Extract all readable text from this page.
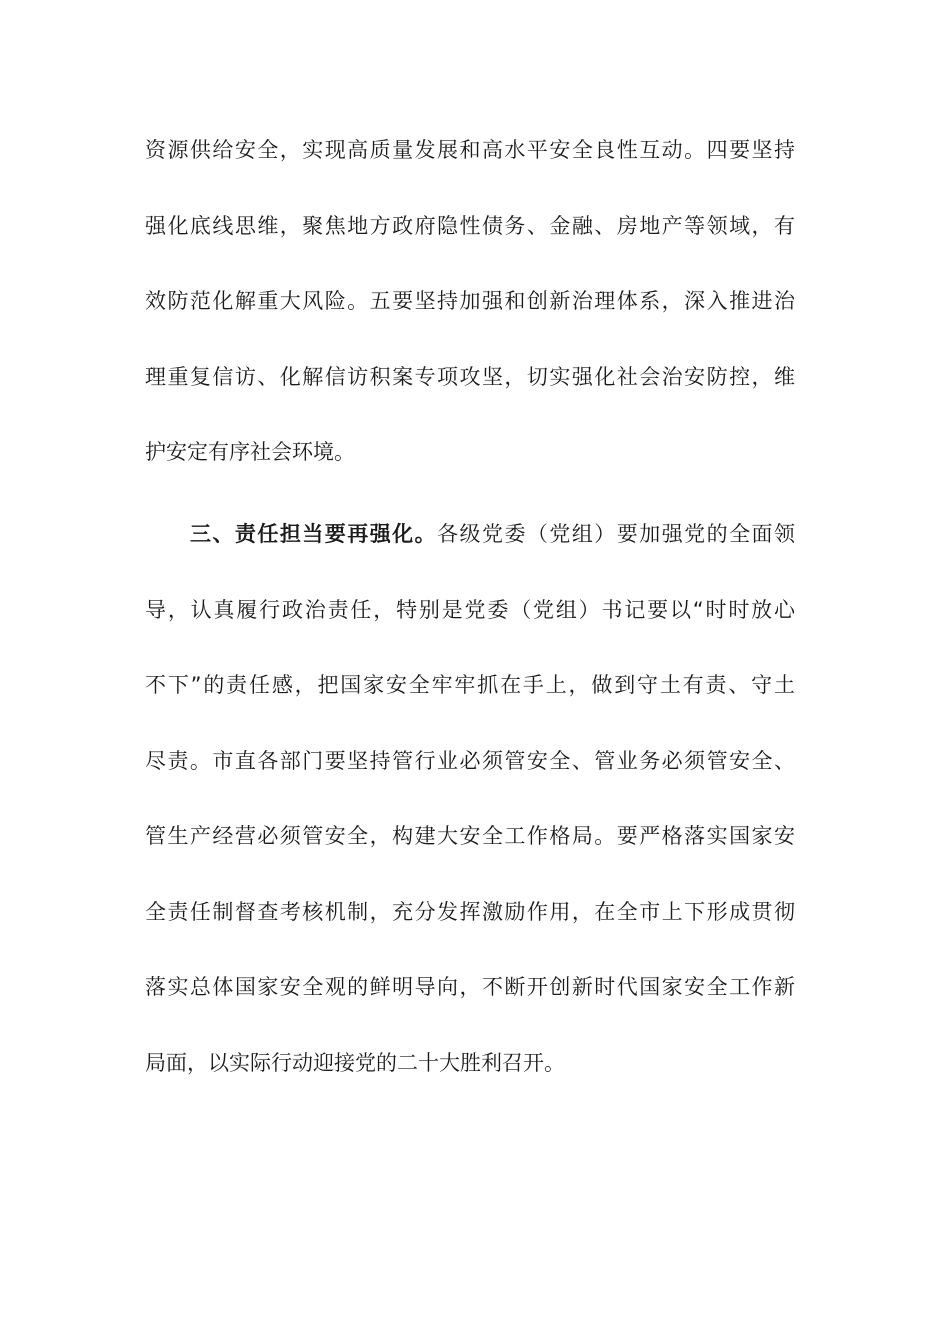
资源供给安全，实现高质量发展和高水平安全良性互动。四要坚持
强化底线思维，聚焦地方政府隐性债务、金融、房地产等领域，有
效防范化解重大风险。五要坚持加强和创新治理体系，深入推进治
理重复信访、化解信访积案专项攻坚，切实强化社会治安防控，维
护安定有序社会环境。
三、责任担当要再强化。各级党委（党组）要加强党的全面领
导，认真履行政治责任，特别是党委（党组）书记要以“时时放心
不下”的责任感，把国家安全牢牢抓在手上，做到守土有责、守土
尽责。市直各部门要坚持管行业必须管安全、管业务必须管安全、
管生产经营必须管安全，构建大安全工作格局。要严格落实国家安
全责任制督查考核机制，充分发挥激励作用，在全市上下形成贯彻
落实总体国家安全观的鲜明导向，不断开创新时代国家安全工作新
局面，以实际行动迎接党的二十大胜利召开。
